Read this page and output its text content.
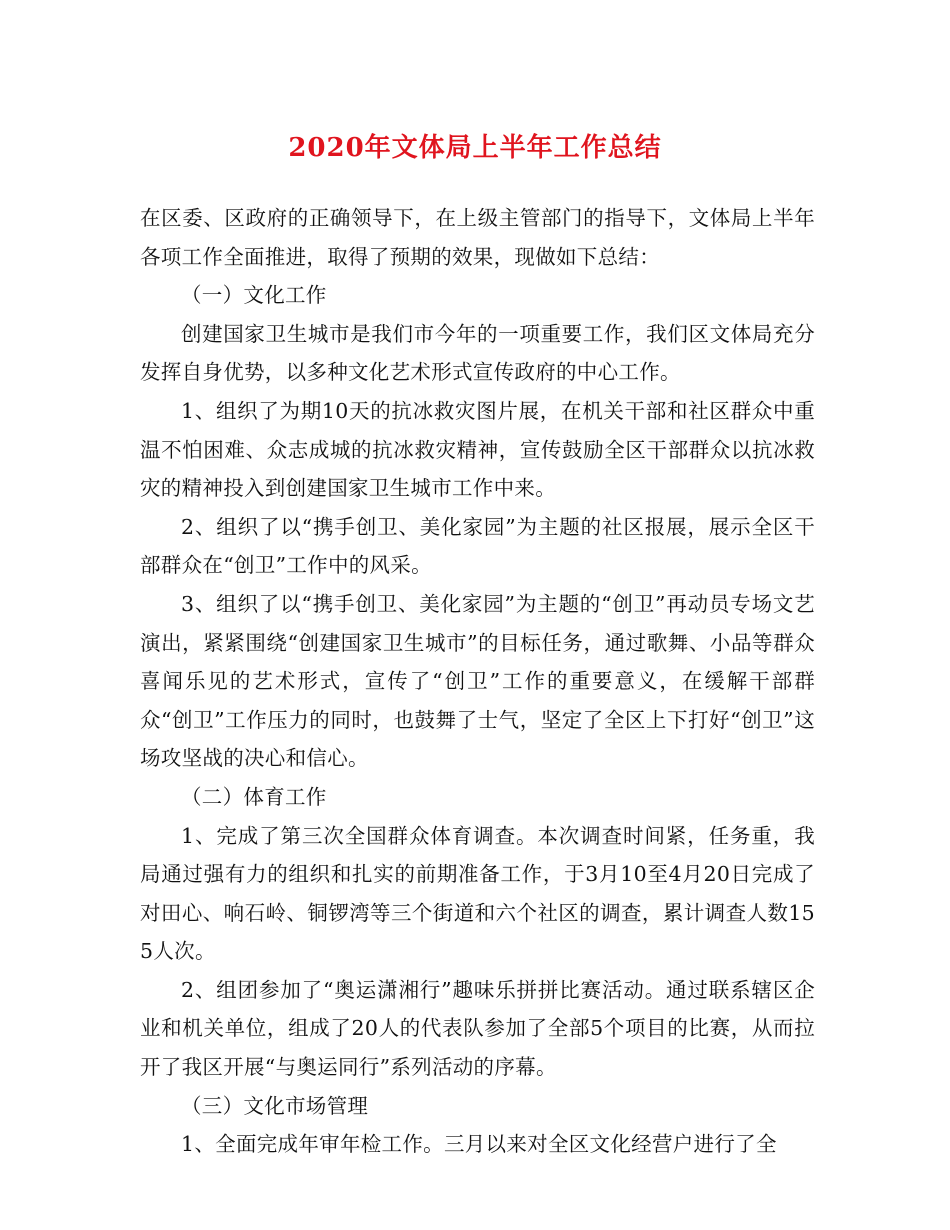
2020年文体局上半年工作总结

在区委、区政府的正确领导下，在上级主管部门的指导下，文体局上半年各项工作全面推进，取得了预期的效果，现做如下总结：

（一）文化工作

创建国家卫生城市是我们市今年的一项重要工作，我们区文体局充分发挥自身优势，以多种文化艺术形式宣传政府的中心工作。

1、组织了为期10天的抗冰救灾图片展，在机关干部和社区群众中重温不怕困难、众志成城的抗冰救灾精神，宣传鼓励全区干部群众以抗冰救灾的精神投入到创建国家卫生城市工作中来。

2、组织了以“携手创卫、美化家园”为主题的社区报展，展示全区干部群众在“创卫”工作中的风采。

3、组织了以“携手创卫、美化家园”为主题的“创卫”再动员专场文艺演出，紧紧围绕“创建国家卫生城市”的目标任务，通过歌舞、小品等群众喜闻乐见的艺术形式，宣传了“创卫”工作的重要意义，在缓解干部群众“创卫”工作压力的同时，也鼓舞了士气，坚定了全区上下打好“创卫”这场攻坚战的决心和信心。

（二）体育工作

1、完成了第三次全国群众体育调查。本次调查时间紧，任务重，我局通过强有力的组织和扎实的前期准备工作，于3月10至4月20日完成了对田心、响石岭、铜锣湾等三个街道和六个社区的调查，累计调查人数155人次。

2、组团参加了“奥运潇湘行”趣味乐拼拼比赛活动。通过联系辖区企业和机关单位，组成了20人的代表队参加了全部5个项目的比赛，从而拉开了我区开展“与奥运同行”系列活动的序幕。

（三）文化市场管理

1、全面完成年审年检工作。三月以来对全区文化经营户进行了全
